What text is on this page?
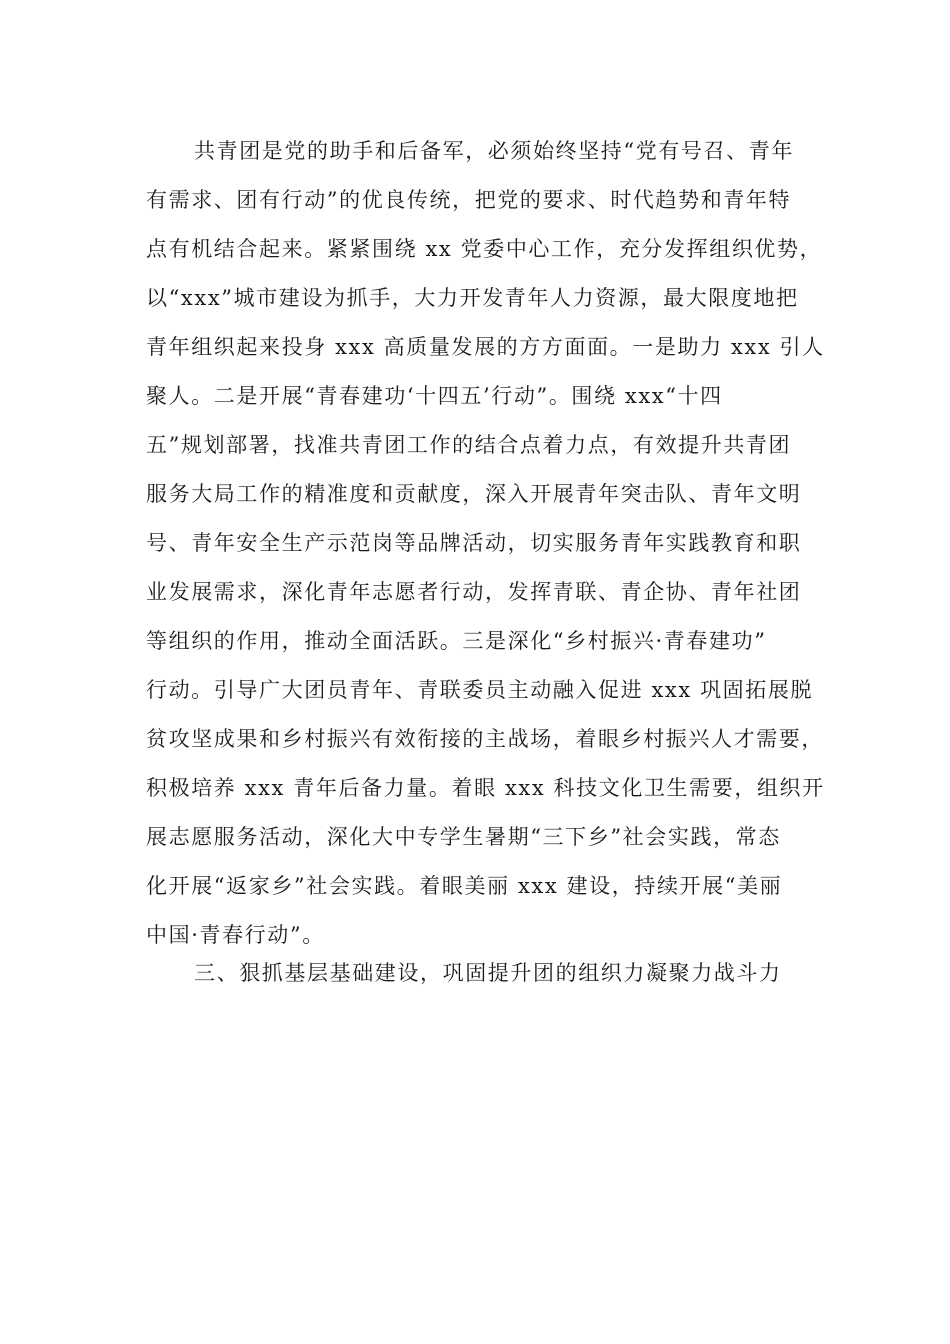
共青团是党的助手和后备军，必须始终坚持“党有号召、青年
有需求、团有行动”的优良传统，把党的要求、时代趋势和青年特
点有机结合起来。紧紧围绕 xx 党委中心工作，充分发挥组织优势，
以“xxx”城市建设为抓手，大力开发青年人力资源，最大限度地把
青年组织起来投身 xxx 高质量发展的方方面面。一是助力 xxx 引人
聚人。二是开展“青春建功‘十四五’行动”。围绕 xxx“十四
五”规划部署，找准共青团工作的结合点着力点，有效提升共青团
服务大局工作的精准度和贡献度，深入开展青年突击队、青年文明
号、青年安全生产示范岗等品牌活动，切实服务青年实践教育和职
业发展需求，深化青年志愿者行动，发挥青联、青企协、青年社团
等组织的作用，推动全面活跃。三是深化“乡村振兴·青春建功”
行动。引导广大团员青年、青联委员主动融入促进 xxx 巩固拓展脱
贫攻坚成果和乡村振兴有效衔接的主战场，着眼乡村振兴人才需要，
积极培养 xxx 青年后备力量。着眼 xxx 科技文化卫生需要，组织开
展志愿服务活动，深化大中专学生暑期“三下乡”社会实践，常态
化开展“返家乡”社会实践。着眼美丽 xxx 建设，持续开展“美丽
中国·青春行动”。
三、狠抓基层基础建设，巩固提升团的组织力凝聚力战斗力
